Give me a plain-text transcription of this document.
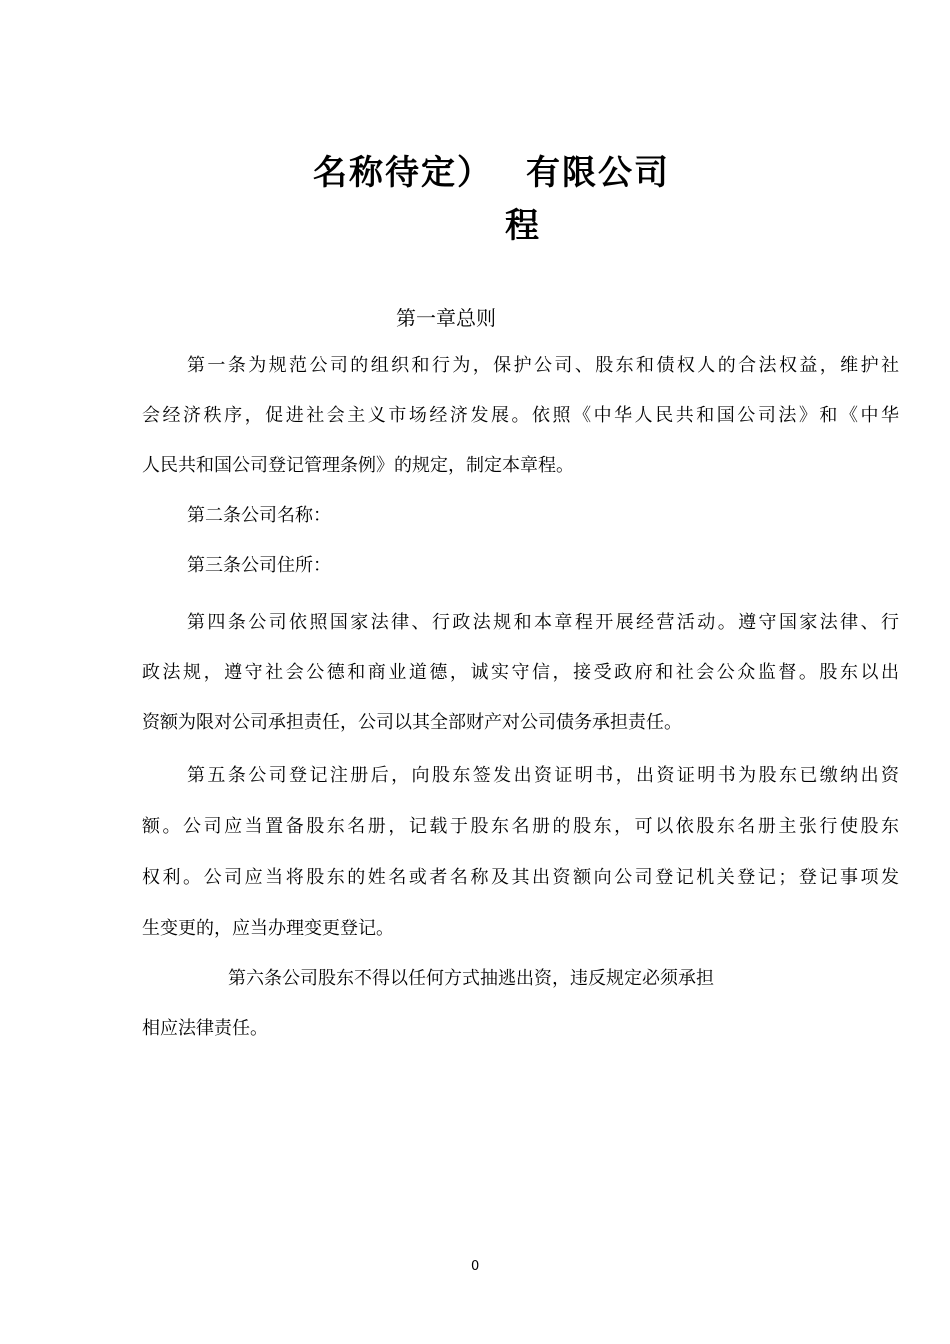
名称待定） 有限公司
程
第一章总则
第一条为规范公司的组织和行为，保护公司、股东和债权人的合法权益，维护社
会经济秩序，促进社会主义市场经济发展。依照《中华人民共和国公司法》和《中华
人民共和国公司登记管理条例》的规定，制定本章程。
第二条公司名称：
第三条公司住所：
第四条公司依照国家法律、行政法规和本章程开展经营活动。遵守国家法律、行
政法规，遵守社会公德和商业道德，诚实守信，接受政府和社会公众监督。股东以出
资额为限对公司承担责任，公司以其全部财产对公司债务承担责任。
第五条公司登记注册后，向股东签发出资证明书，出资证明书为股东已缴纳出资
额。公司应当置备股东名册，记载于股东名册的股东，可以依股东名册主张行使股东
权利。公司应当将股东的姓名或者名称及其出资额向公司登记机关登记；登记事项发
生变更的，应当办理变更登记。
第六条公司股东不得以任何方式抽逃出资，违反规定必须承担
相应法律责任。
0
